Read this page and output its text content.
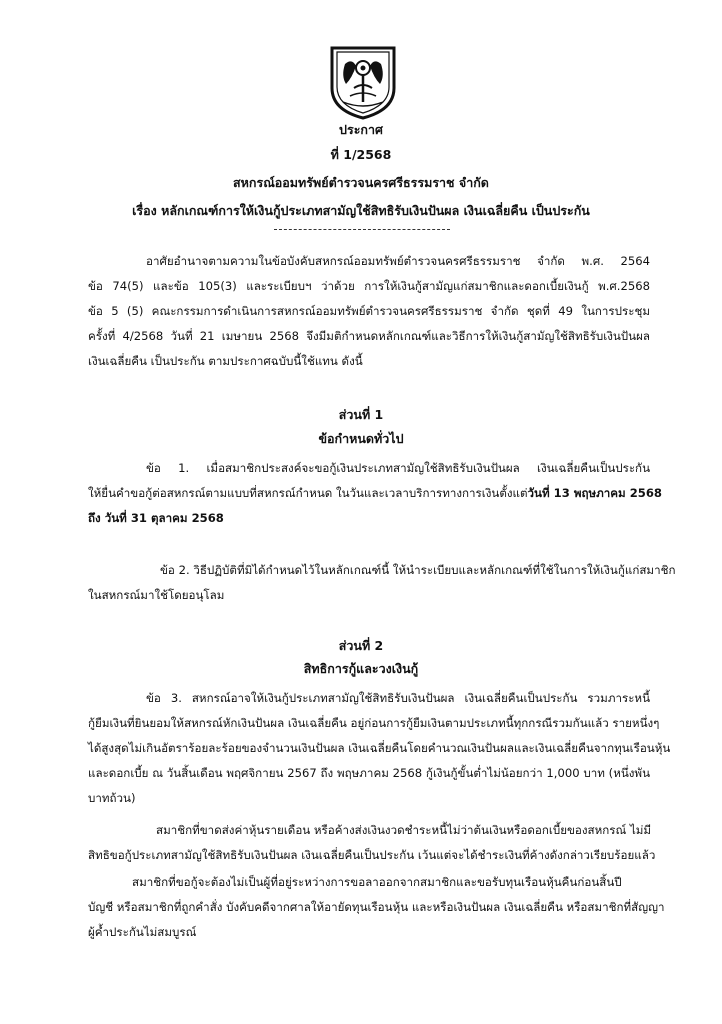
ประกาศ
ที่ 1/2568
สหกรณ์ออมทรัพย์ตำรวจนครศรีธรรมราช จำกัด
เรื่อง หลักเกณฑ์การให้เงินกู้ประเภทสามัญใช้สิทธิรับเงินปันผล เงินเฉลี่ยคืน เป็นประกัน
อาศัยอำนาจตามความในข้อบังคับสหกรณ์ออมทรัพย์ตำรวจนครศรีธรรมราช จำกัด พ.ศ. 2564
ข้อ 74(5) และข้อ 105(3) และระเบียบฯ ว่าด้วย การให้เงินกู้สามัญแก่สมาชิกและดอกเบี้ยเงินกู้ พ.ศ.2568
ข้อ 5 (5) คณะกรรมการดำเนินการสหกรณ์ออมทรัพย์ตำรวจนครศรีธรรมราช จำกัด ชุดที่ 49 ในการประชุม
ครั้งที่ 4/2568 วันที่ 21 เมษายน 2568 จึงมีมติกำหนดหลักเกณฑ์และวิธีการให้เงินกู้สามัญใช้สิทธิรับเงินปันผล
เงินเฉลี่ยคืน เป็นประกัน ตามประกาศฉบับนี้ใช้แทน ดังนี้
ส่วนที่ 1
ข้อกำหนดทั่วไป
ข้อ 1. เมื่อสมาชิกประสงค์จะขอกู้เงินประเภทสามัญใช้สิทธิรับเงินปันผล เงินเฉลี่ยคืนเป็นประกัน
ให้ยื่นคำขอกู้ต่อสหกรณ์ตามแบบที่สหกรณ์กำหนด ในวันและเวลาบริการทางการเงินตั้งแต่วันที่ 13 พฤษภาคม 2568
ถึง วันที่ 31 ตุลาคม 2568
ข้อ 2. วิธีปฏิบัติที่มิได้กำหนดไว้ในหลักเกณฑ์นี้ ให้นำระเบียบและหลักเกณฑ์ที่ใช้ในการให้เงินกู้แก่สมาชิก
ในสหกรณ์มาใช้โดยอนุโลม
ส่วนที่ 2
สิทธิการกู้และวงเงินกู้
ข้อ 3. สหกรณ์อาจให้เงินกู้ประเภทสามัญใช้สิทธิรับเงินปันผล เงินเฉลี่ยคืนเป็นประกัน รวมภาระหนี้
กู้ยืมเงินที่ยินยอมให้สหกรณ์หักเงินปันผล เงินเฉลี่ยคืน อยู่ก่อนการกู้ยืมเงินตามประเภทนี้ทุกกรณีรวมกันแล้ว รายหนึ่งๆ
ได้สูงสุดไม่เกินอัตราร้อยละร้อยของจำนวนเงินปันผล เงินเฉลี่ยคืนโดยคำนวณเงินปันผลและเงินเฉลี่ยคืนจากทุนเรือนหุ้น
และดอกเบี้ย ณ วันสิ้นเดือน พฤศจิกายน 2567 ถึง พฤษภาคม 2568 กู้เงินกู้ขั้นต่ำไม่น้อยกว่า 1,000 บาท (หนึ่งพัน
บาทถ้วน)
สมาชิกที่ขาดส่งค่าหุ้นรายเดือน หรือค้างส่งเงินงวดชำระหนี้ไม่ว่าต้นเงินหรือดอกเบี้ยของสหกรณ์ ไม่มี
สิทธิขอกู้ประเภทสามัญใช้สิทธิรับเงินปันผล เงินเฉลี่ยคืนเป็นประกัน เว้นแต่จะได้ชำระเงินที่ค้างดังกล่าวเรียบร้อยแล้ว
สมาชิกที่ขอกู้จะต้องไม่เป็นผู้ที่อยู่ระหว่างการขอลาออกจากสมาชิกและขอรับทุนเรือนหุ้นคืนก่อนสิ้นปี
บัญชี หรือสมาชิกที่ถูกคำสั่ง บังคับคดีจากศาลให้อายัดทุนเรือนหุ้น และหรือเงินปันผล เงินเฉลี่ยคืน หรือสมาชิกที่สัญญา
ผู้ค้ำประกันไม่สมบูรณ์
